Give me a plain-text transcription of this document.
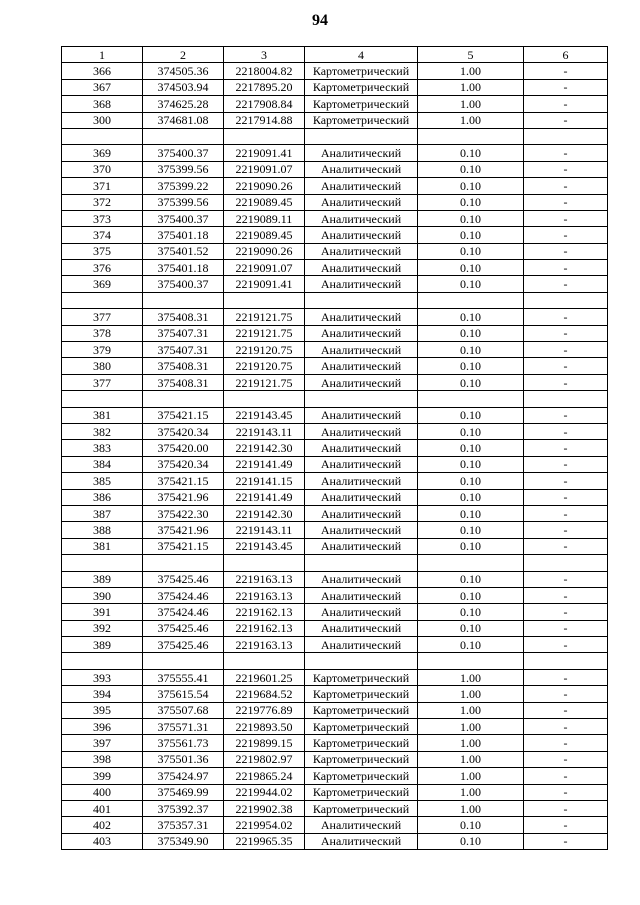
94
1	2	3	4	5	6
366	374505.36	2218004.82	Картометрический	1.00	-
367	374503.94	2217895.20	Картометрический	1.00	-
368	374625.28	2217908.84	Картометрический	1.00	-
300	374681.08	2217914.88	Картометрический	1.00	-

369	375400.37	2219091.41	Аналитический	0.10	-
370	375399.56	2219091.07	Аналитический	0.10	-
371	375399.22	2219090.26	Аналитический	0.10	-
372	375399.56	2219089.45	Аналитический	0.10	-
373	375400.37	2219089.11	Аналитический	0.10	-
374	375401.18	2219089.45	Аналитический	0.10	-
375	375401.52	2219090.26	Аналитический	0.10	-
376	375401.18	2219091.07	Аналитический	0.10	-
369	375400.37	2219091.41	Аналитический	0.10	-

377	375408.31	2219121.75	Аналитический	0.10	-
378	375407.31	2219121.75	Аналитический	0.10	-
379	375407.31	2219120.75	Аналитический	0.10	-
380	375408.31	2219120.75	Аналитический	0.10	-
377	375408.31	2219121.75	Аналитический	0.10	-

381	375421.15	2219143.45	Аналитический	0.10	-
382	375420.34	2219143.11	Аналитический	0.10	-
383	375420.00	2219142.30	Аналитический	0.10	-
384	375420.34	2219141.49	Аналитический	0.10	-
385	375421.15	2219141.15	Аналитический	0.10	-
386	375421.96	2219141.49	Аналитический	0.10	-
387	375422.30	2219142.30	Аналитический	0.10	-
388	375421.96	2219143.11	Аналитический	0.10	-
381	375421.15	2219143.45	Аналитический	0.10	-

389	375425.46	2219163.13	Аналитический	0.10	-
390	375424.46	2219163.13	Аналитический	0.10	-
391	375424.46	2219162.13	Аналитический	0.10	-
392	375425.46	2219162.13	Аналитический	0.10	-
389	375425.46	2219163.13	Аналитический	0.10	-

393	375555.41	2219601.25	Картометрический	1.00	-
394	375615.54	2219684.52	Картометрический	1.00	-
395	375507.68	2219776.89	Картометрический	1.00	-
396	375571.31	2219893.50	Картометрический	1.00	-
397	375561.73	2219899.15	Картометрический	1.00	-
398	375501.36	2219802.97	Картометрический	1.00	-
399	375424.97	2219865.24	Картометрический	1.00	-
400	375469.99	2219944.02	Картометрический	1.00	-
401	375392.37	2219902.38	Картометрический	1.00	-
402	375357.31	2219954.02	Аналитический	0.10	-
403	375349.90	2219965.35	Аналитический	0.10	-
